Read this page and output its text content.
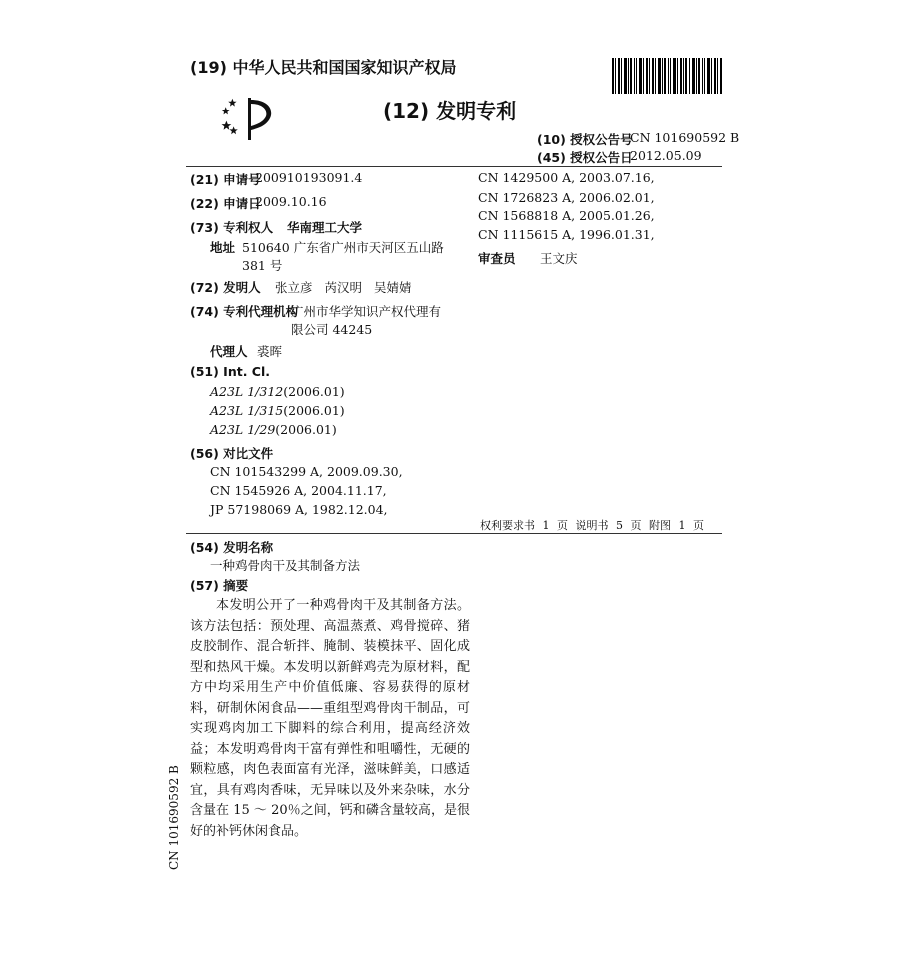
(19) 中华人民共和国国家知识产权局
(12) 发明专利
(10) 授权公告号
CN 101690592 B
(45) 授权公告日
2012.05.09
(21) 申请号
200910193091.4
(22) 申请日
2009.10.16
(73) 专利权人 华南理工大学
地址 510640 广东省广州市天河区五山路
381 号
(72) 发明人 张立彦 芮汉明 吴婧婧
(74) 专利代理机构
广州市华学知识产权代理有
限公司 44245
代理人 裘晖
(51) Int. Cl.
A23L 1/312(2006.01)
A23L 1/315(2006.01)
A23L 1/29(2006.01)
(56) 对比文件
CN 101543299 A, 2009.09.30,
CN 1545926 A, 2004.11.17,
JP 57198069 A, 1982.12.04,
CN 1429500 A, 2003.07.16,
CN 1726823 A, 2006.02.01,
CN 1568818 A, 2005.01.26,
CN 1115615 A, 1996.01.31,
审查员 王文庆
权利要求书 1 页 说明书 5 页 附图 1 页
(54) 发明名称
一种鸡骨肉干及其制备方法
(57) 摘要

本发明公开了一种鸡骨肉干及其制备方法。该方法包括：预处理、高温蒸煮、鸡骨搅碎、猪皮胶制作、混合斩拌、腌制、装模抹平、固化成型和热风干燥。本发明以新鲜鸡壳为原材料，配方中均采用生产中价值低廉、容易获得的原材料，研制休闲食品——重组型鸡骨肉干制品，可实现鸡肉加工下脚料的综合利用，提高经济效益；本发明鸡骨肉干富有弹性和咀嚼性，无硬的颗粒感，肉色表面富有光泽，滋味鲜美，口感适宜，具有鸡肉香味，无异味以及外来杂味，水分含量在 15 ～ 20％之间，钙和磷含量较高，是很好的补钙休闲食品。

CN 101690592 B
